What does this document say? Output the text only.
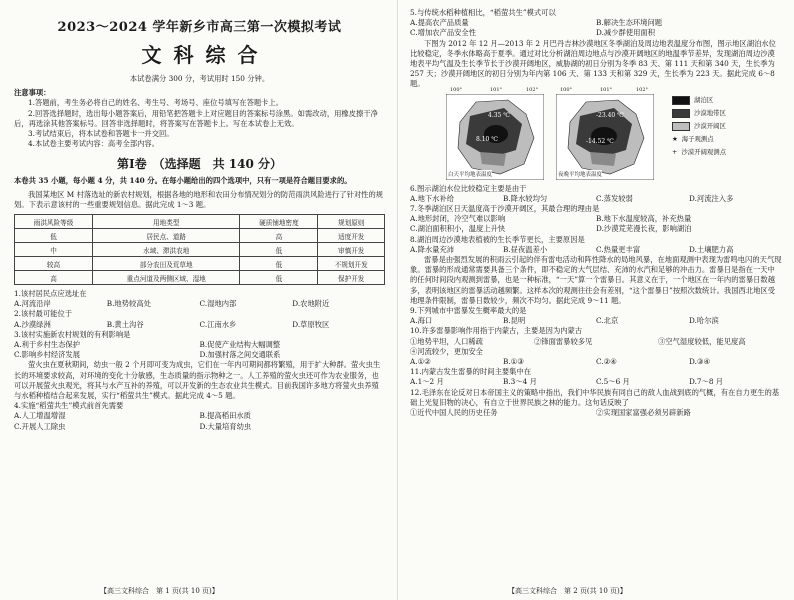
2023～2024 学年新乡市高三第一次模拟考试
文科综合
本试卷满分 300 分，考试用时 150 分钟。
注意事项：
1.答题前，考生务必将自己的姓名、考生号、考场号、座位号填写在答题卡上。
2.回答选择题时，选出每小题答案后，用铅笔把答题卡上对应题目的答案标号涂黑。如需改动，用橡皮擦干净后，再选涂其他答案标号。回答非选择题时，将答案写在答题卡上。写在本试卷上无效。
3.考试结束后，将本试卷和答题卡一并交回。
4.本试卷主要考试内容：高考全部内容。
第Ⅰ卷　（选择题　共 140 分）
本卷共 35 小题，每小题 4 分，共 140 分。在每小题给出的四个选项中，只有一项是符合题目要求的。
我国某地区 M 村落选址的新农村规划，根据各地的地形和农田分布情况划分的防范雨洪风险进行了针对性的规划。下表示意该村的一些重要规划信息。据此完成 1～3 题。
雨洪风险等级	用地类型	硬质铺地密度	规划原则
低	居民点、道路	高	适度开发
中	水域、滞洪农地	低	审慎开发
较高	部分农田及荒草地	低	不规划开发
高	重点河道及两侧区域、湿地	低	保护开发
1.该村居民点应选址在
A.河流沿岸	B.地势较高处	C.湿地内部	D.农地附近
2.该村最可能位于
A.沙漠绿洲	B.黄土沟谷	C.江南水乡	D.草原牧区
3.该村实施新农村规划的有利影响是
A.利于乡村生态保护	B.促使产业结构大幅调整
C.影响乡村经济发展	D.加强村落之间交通联系
萤火虫在夏秋期间，幼虫一般 2 个月即可变为成虫，它们在一年内可期间都将繁殖，用于扩大种群。萤火虫生长的环境要求较高，对环境的变化十分敏感，生态质量的指示物种之一。人工养殖的萤火虫还可作为农业服务，也可以开展萤火虫观光，将其与水产互补的养殖，可以开发新的生态农业共生模式。目前我国许多地方将萤火虫养殖与水稻种植结合起来发展，实行“稻萤共生”模式。据此完成 4～5 题。
4.实施“稻萤共生”模式前首先需要
A.人工增温增湿	B.提高稻田水质
C.开展人工除虫	D.大量培育幼虫
【高三文科综合　第 1 页(共 10 页)】
5.与传统水稻种植相比，“稻萤共生”模式可以
A.提高农产品质量	B.解决生态环境问题
C.增加农产品安全性	D.减少群使用面积
下图为 2012 年 12 月—2013 年 2 月巴丹吉林沙漠地区冬季湖泊及周边地表温度分布图，图示地区湖泊水位比较稳定，冬季水体略高于夏季。通过对比分析湖泊周边地点与沙漠开阔地区的地温季节差异，发现湖泊周边沙漠地表平均气温及生长季节长于沙漠开阔地区，威胁湖的初日分别为冬季 83 天、第 111 天和第 340 天，生长季为 257 天；沙漠开阔地区的初日分别为年内第 106 天、第 133 天和第 329 天，生长季为 223 天。据此完成 6～8 题。
4.35 ℃
8.10 ℃
白天平均地表温度
100°	101°	102°
-23.40 ℃
-14.52 ℃
夜晚平均地表温度
100°	101°	102°
湖泊区
沙漠地带区
沙漠开阔区
★ 海子观测点
+ 沙漠开阔观测点
6.图示湖泊水位比较稳定主要是由于
A.地下水补给	B.降水较均匀	C.蒸发较弱	D.河流注入多
7.冬季湖泊区日天温度高于沙漠开阔区，其最合理的理由是
A.地形封闭，冷空气难以影响	B.地下水温度较高，补充热量
C.湖泊面积积小，温度上升快	D.沙漠荒芜漫长夜，影响湖泊
8.湖泊周边沙漠地表植被的生长季节更长，主要原因是
A.降水量充沛	B.昼夜温差小	C.热量更丰富	D.土壤肥力高
雷暴是由强烈发展的积雨云引起的伴有雷电活动和阵性降水的局地风暴，在地面观测中表现为雷鸣电闪的天气现象。雷暴的形成通常需要具备三个条件，即不稳定的大气层结、充沛的水汽和足够的冲击力。雷暴日是指在一天中的任何时间段内观测到雷暴，也是一种标准，“一天”算一个雷暴日。其意义在于，一个地区在一年内的雷暴日数越多，表明该地区的雷暴活动越频繁。这样本次的观测往往会有差别，“这个雷暴日”按照次数统计。我国西北地区受地理条件限制，雷暴日数较少，频次不均匀。据此完成 9～11 题。
9.下列城市中雷暴发生概率最大的是
A.海口	B.昆明	C.北京	D.哈尔滨
10.许多雷暴影响作用指于内蒙古，主要是因为内蒙古
①地势平坦，人口稀疏	②锋面雷暴较多见	③空气湿度较低，能见度高
④河流较少，更加安全
A.①②	B.①③	C.②④	D.③④
11.内蒙古发生雷暴的时间主要集中在
A.1～2 月	B.3～4 月	C.5～6 月	D.7～8 月
12.毛泽东在论反对日本帝国主义的策略中指出，我们中华民族有同自己的敌人血战到底的气概，有在自力更生的基础上光复旧物的决心，有自立于世界民族之林的能力。这句话反映了
①近代中国人民的历史任务	②实现国家富强必须另辟新路
【高三文科综合　第 2 页(共 10 页)】
